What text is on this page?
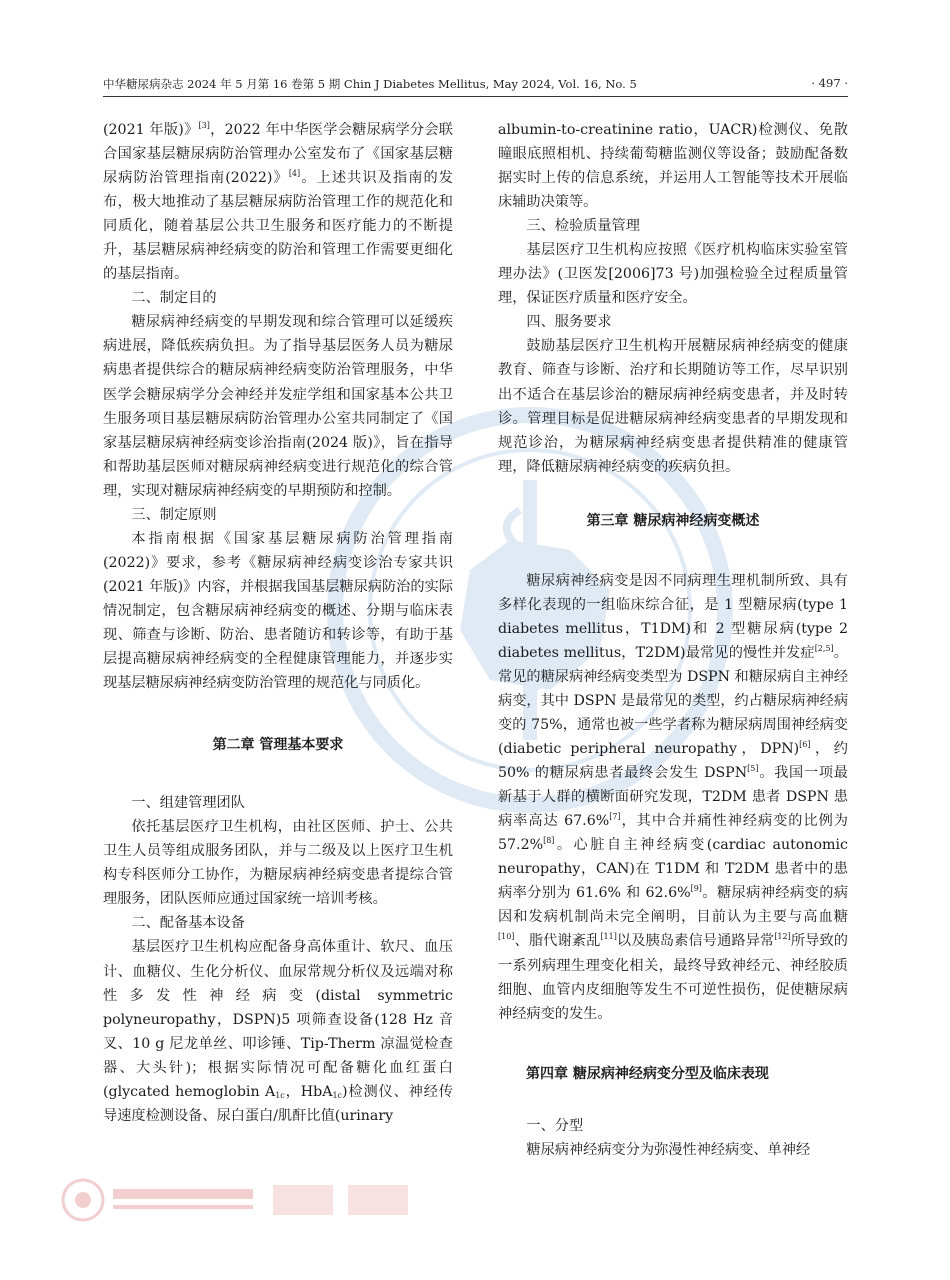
中华糖尿病杂志 2024 年 5 月第 16 卷第 5 期 Chin J Diabetes Mellitus, May 2024, Vol. 16, No. 5	· 497 ·

(2021 年版)》[3]，2022 年中华医学会糖尿病学分会联合国家基层糖尿病防治管理办公室发布了《国家基层糖尿病防治管理指南(2022)》[4]。上述共识及指南的发布，极大地推动了基层糖尿病防治管理工作的规范化和同质化，随着基层公共卫生服务和医疗能力的不断提升，基层糖尿病神经病变的防治和管理工作需要更细化的基层指南。

二、制定目的

糖尿病神经病变的早期发现和综合管理可以延缓疾病进展，降低疾病负担。为了指导基层医务人员为糖尿病患者提供综合的糖尿病神经病变防治管理服务，中华医学会糖尿病学分会神经并发症学组和国家基本公共卫生服务项目基层糖尿病防治管理办公室共同制定了《国家基层糖尿病神经病变诊治指南(2024 版)》，旨在指导和帮助基层医师对糖尿病神经病变进行规范化的综合管理，实现对糖尿病神经病变的早期预防和控制。

三、制定原则

本指南根据《国家基层糖尿病防治管理指南(2022)》要求，参考《糖尿病神经病变诊治专家共识(2021 年版)》内容，并根据我国基层糖尿病防治的实际情况制定，包含糖尿病神经病变的概述、分期与临床表现、筛查与诊断、防治、患者随访和转诊等，有助于基层提高糖尿病神经病变的全程健康管理能力，并逐步实现基层糖尿病神经病变防治管理的规范化与同质化。

第二章 管理基本要求

一、组建管理团队

依托基层医疗卫生机构，由社区医师、护士、公共卫生人员等组成服务团队，并与二级及以上医疗卫生机构专科医师分工协作，为糖尿病神经病变患者提综合管理服务，团队医师应通过国家统一培训考核。

二、配备基本设备

基层医疗卫生机构应配备身高体重计、软尺、血压计、血糖仪、生化分析仪、血尿常规分析仪及远端对称性多发性神经病变(distal symmetric polyneuropathy，DSPN)5 项筛查设备(128 Hz 音叉、10 g 尼龙单丝、叩诊锤、Tip-Therm 凉温觉检查器、大头针)；根据实际情况可配备糖化血红蛋白(glycated hemoglobin $A_{1c}$，HbA$_{1c}$)检测仪、神经传导速度检测设备、尿白蛋白/肌酐比值(urinary

albumin-to-creatinine ratio，UACR)检测仪、免散瞳眼底照相机、持续葡萄糖监测仪等设备；鼓励配备数据实时上传的信息系统，并运用人工智能等技术开展临床辅助决策等。

三、检验质量管理

基层医疗卫生机构应按照《医疗机构临床实验室管理办法》(卫医发[2006]73 号)加强检验全过程质量管理，保证医疗质量和医疗安全。

四、服务要求

鼓励基层医疗卫生机构开展糖尿病神经病变的健康教育、筛查与诊断、治疗和长期随访等工作，尽早识别出不适合在基层诊治的糖尿病神经病变患者，并及时转诊。管理目标是促进糖尿病神经病变患者的早期发现和规范诊治，为糖尿病神经病变患者提供精准的健康管理，降低糖尿病神经病变的疾病负担。

第三章 糖尿病神经病变概述

糖尿病神经病变是因不同病理生理机制所致、具有多样化表现的一组临床综合征，是 1 型糖尿病(type 1 diabetes mellitus，T1DM)和 2 型糖尿病(type 2 diabetes mellitus，T2DM)最常见的慢性并发症[2,5]。常见的糖尿病神经病变类型为 DSPN 和糖尿病自主神经病变，其中 DSPN 是最常见的类型，约占糖尿病神经病变的 75%，通常也被一些学者称为糖尿病周围神经病变(diabetic peripheral neuropathy，DPN)[6]，约 50% 的糖尿病患者最终会发生 DSPN[5]。我国一项最新基于人群的横断面研究发现，T2DM 患者 DSPN 患病率高达 67.6%[7]，其中合并痛性神经病变的比例为 57.2%[8]。心脏自主神经病变(cardiac autonomic neuropathy，CAN)在 T1DM 和 T2DM 患者中的患病率分别为 61.6% 和 62.6%[9]。糖尿病神经病变的病因和发病机制尚未完全阐明，目前认为主要与高血糖[10]、脂代谢紊乱[11]以及胰岛素信号通路异常[12]所导致的一系列病理生理变化相关，最终导致神经元、神经胶质细胞、血管内皮细胞等发生不可逆性损伤，促使糖尿病神经病变的发生。

第四章 糖尿病神经病变分型及临床表现

一、分型

糖尿病神经病变分为弥漫性神经病变、单神经
